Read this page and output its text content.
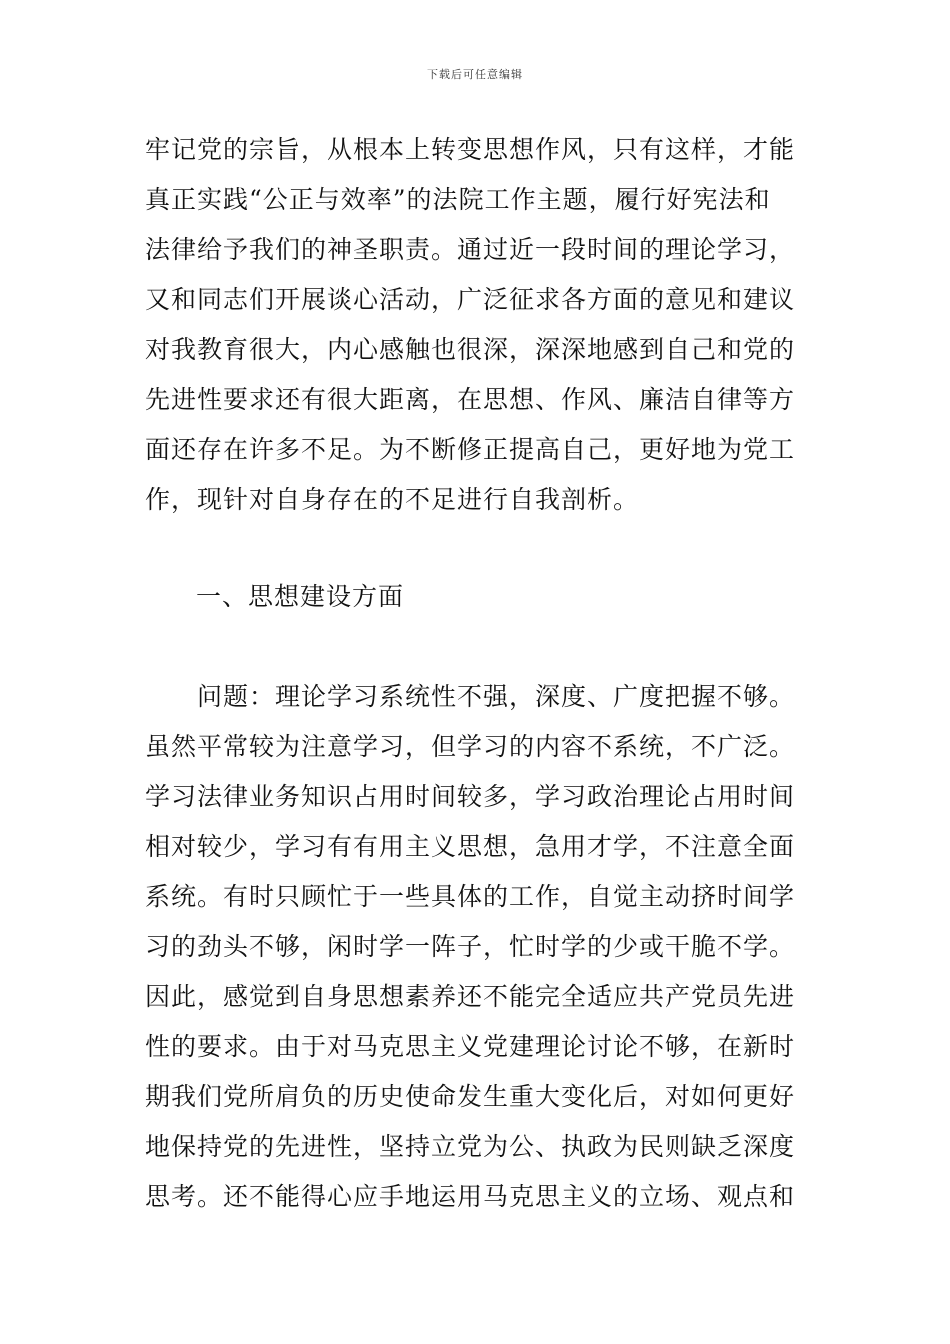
下载后可任意编辑
牢记党的宗旨，从根本上转变思想作风，只有这样，才能
真正实践“公正与效率”的法院工作主题，履行好宪法和
法律给予我们的神圣职责。通过近一段时间的理论学习，
又和同志们开展谈心活动，广泛征求各方面的意见和建议
对我教育很大，内心感触也很深，深深地感到自己和党的
先进性要求还有很大距离，在思想、作风、廉洁自律等方
面还存在许多不足。为不断修正提高自己，更好地为党工
作，现针对自身存在的不足进行自我剖析。
一、思想建设方面
问题：理论学习系统性不强，深度、广度把握不够。
虽然平常较为注意学习，但学习的内容不系统，不广泛。
学习法律业务知识占用时间较多，学习政治理论占用时间
相对较少，学习有有用主义思想，急用才学，不注意全面
系统。有时只顾忙于一些具体的工作，自觉主动挤时间学
习的劲头不够，闲时学一阵子，忙时学的少或干脆不学。
因此，感觉到自身思想素养还不能完全适应共产党员先进
性的要求。由于对马克思主义党建理论讨论不够，在新时
期我们党所肩负的历史使命发生重大变化后，对如何更好
地保持党的先进性，坚持立党为公、执政为民则缺乏深度
思考。还不能得心应手地运用马克思主义的立场、观点和
